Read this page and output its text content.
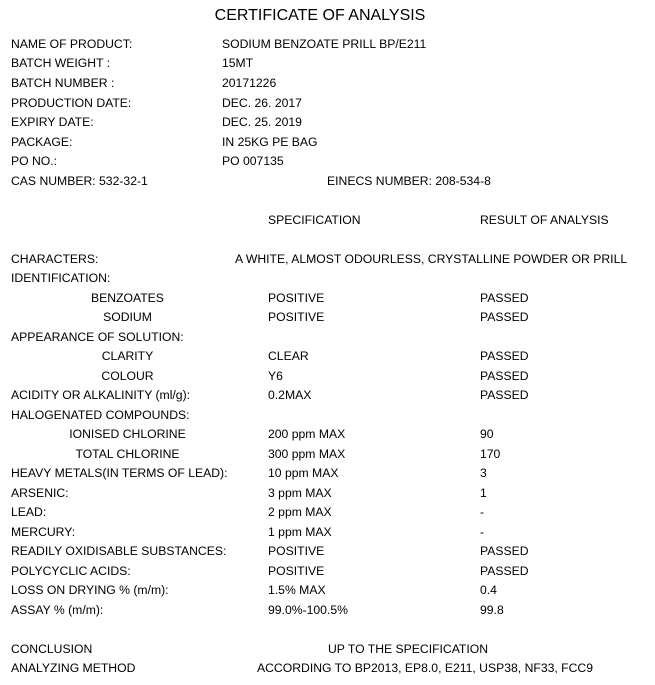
CERTIFICATE OF ANALYSIS
NAME OF PRODUCT:	SODIUM BENZOATE PRILL BP/E211
BATCH WEIGHT :	15MT
BATCH NUMBER :	20171226
PRODUCTION DATE:	DEC. 26. 2017
EXPIRY DATE:	DEC. 25. 2019
PACKAGE:	IN 25KG PE BAG
PO NO.:	PO 007135
CAS NUMBER: 532-32-1	EINECS NUMBER: 208-534-8
SPECIFICATION	RESULT OF ANALYSIS
CHARACTERS:	A WHITE, ALMOST ODOURLESS, CRYSTALLINE POWDER OR PRILL
IDENTIFICATION:
BENZOATES	POSITIVE	PASSED
SODIUM	POSITIVE	PASSED
APPEARANCE OF SOLUTION:
CLARITY	CLEAR	PASSED
COLOUR	Y6	PASSED
ACIDITY OR ALKALINITY (ml/g):	0.2MAX	PASSED
HALOGENATED COMPOUNDS:
IONISED CHLORINE	200 ppm MAX	90
TOTAL CHLORINE	300 ppm MAX	170
HEAVY METALS(IN TERMS OF LEAD):	10 ppm MAX	3
ARSENIC:	3 ppm MAX	1
LEAD:	2 ppm MAX	-
MERCURY:	1 ppm MAX	-
READILY OXIDISABLE SUBSTANCES:	POSITIVE	PASSED
POLYCYCLIC ACIDS:	POSITIVE	PASSED
LOSS ON DRYING % (m/m):	1.5% MAX	0.4
ASSAY % (m/m):	99.0%-100.5%	99.8
CONCLUSION	UP TO THE SPECIFICATION
ANALYZING METHOD	ACCORDING TO BP2013, EP8.0, E211, USP38, NF33, FCC9
